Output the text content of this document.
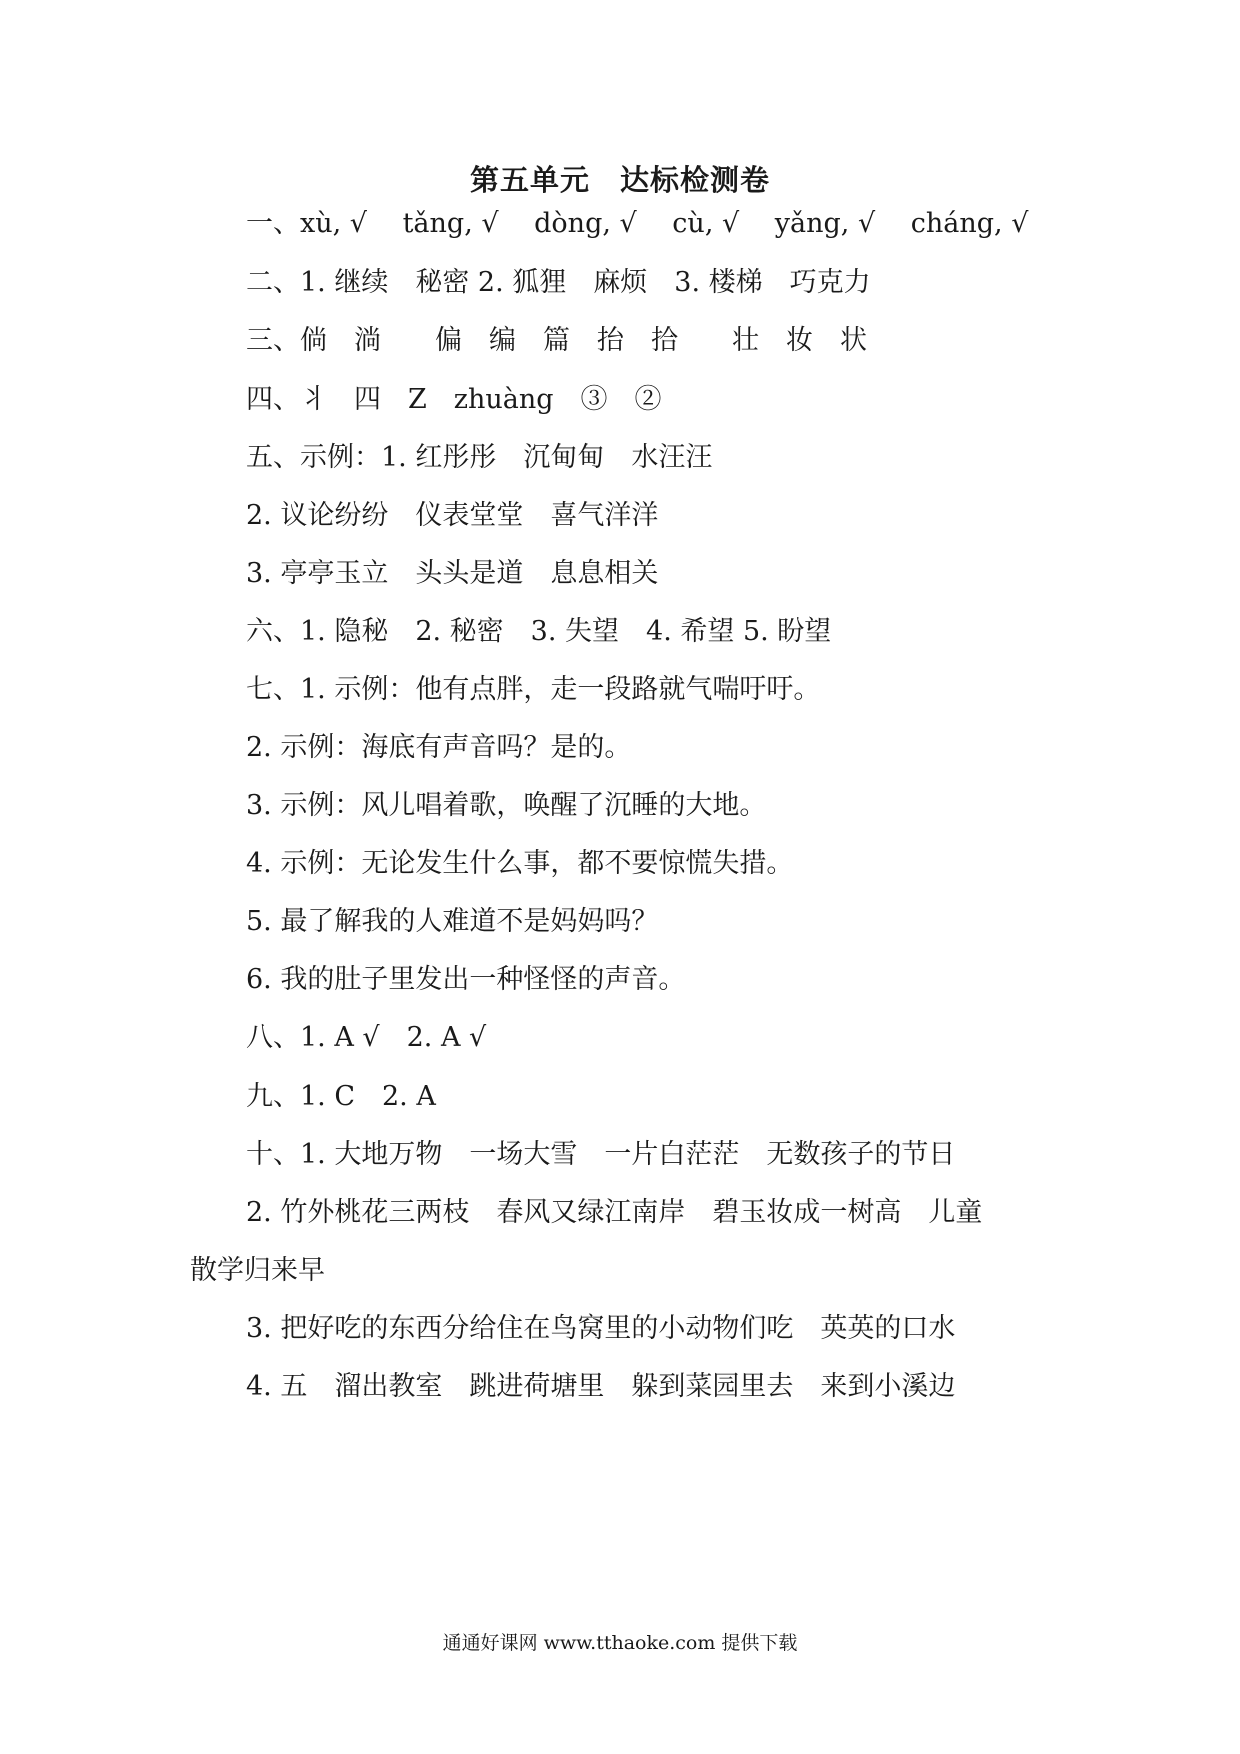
第五单元　达标检测卷
一、xù, √　 tǎng, √　 dòng, √　 cù, √　 yǎng, √　 cháng, √
二、1. 继续　秘密 2. 狐狸　麻烦　3. 楼梯　巧克力
三、倘　淌　　偏　编　篇　抬　拾　　壮　妆　状
四、丬　四　Z　zhuàng　③　②
五、示例：1. 红彤彤　沉甸甸　水汪汪
2. 议论纷纷　仪表堂堂　喜气洋洋
3. 亭亭玉立　头头是道　息息相关
六、1. 隐秘　2. 秘密　3. 失望　4. 希望 5. 盼望
七、1. 示例：他有点胖，走一段路就气喘吁吁。
2. 示例：海底有声音吗？是的。
3. 示例：风儿唱着歌，唤醒了沉睡的大地。
4. 示例：无论发生什么事，都不要惊慌失措。
5. 最了解我的人难道不是妈妈吗？
6. 我的肚子里发出一种怪怪的声音。
八、1. A √　2. A √
九、1. C　2. A
十、1. 大地万物　一场大雪　一片白茫茫　无数孩子的节日
2. 竹外桃花三两枝　春风又绿江南岸　碧玉妆成一树高　儿童
散学归来早
3. 把好吃的东西分给住在鸟窝里的小动物们吃　英英的口水
4. 五　溜出教室　跳进荷塘里　躲到菜园里去　来到小溪边
通通好课网 www.tthaoke.com 提供下载
